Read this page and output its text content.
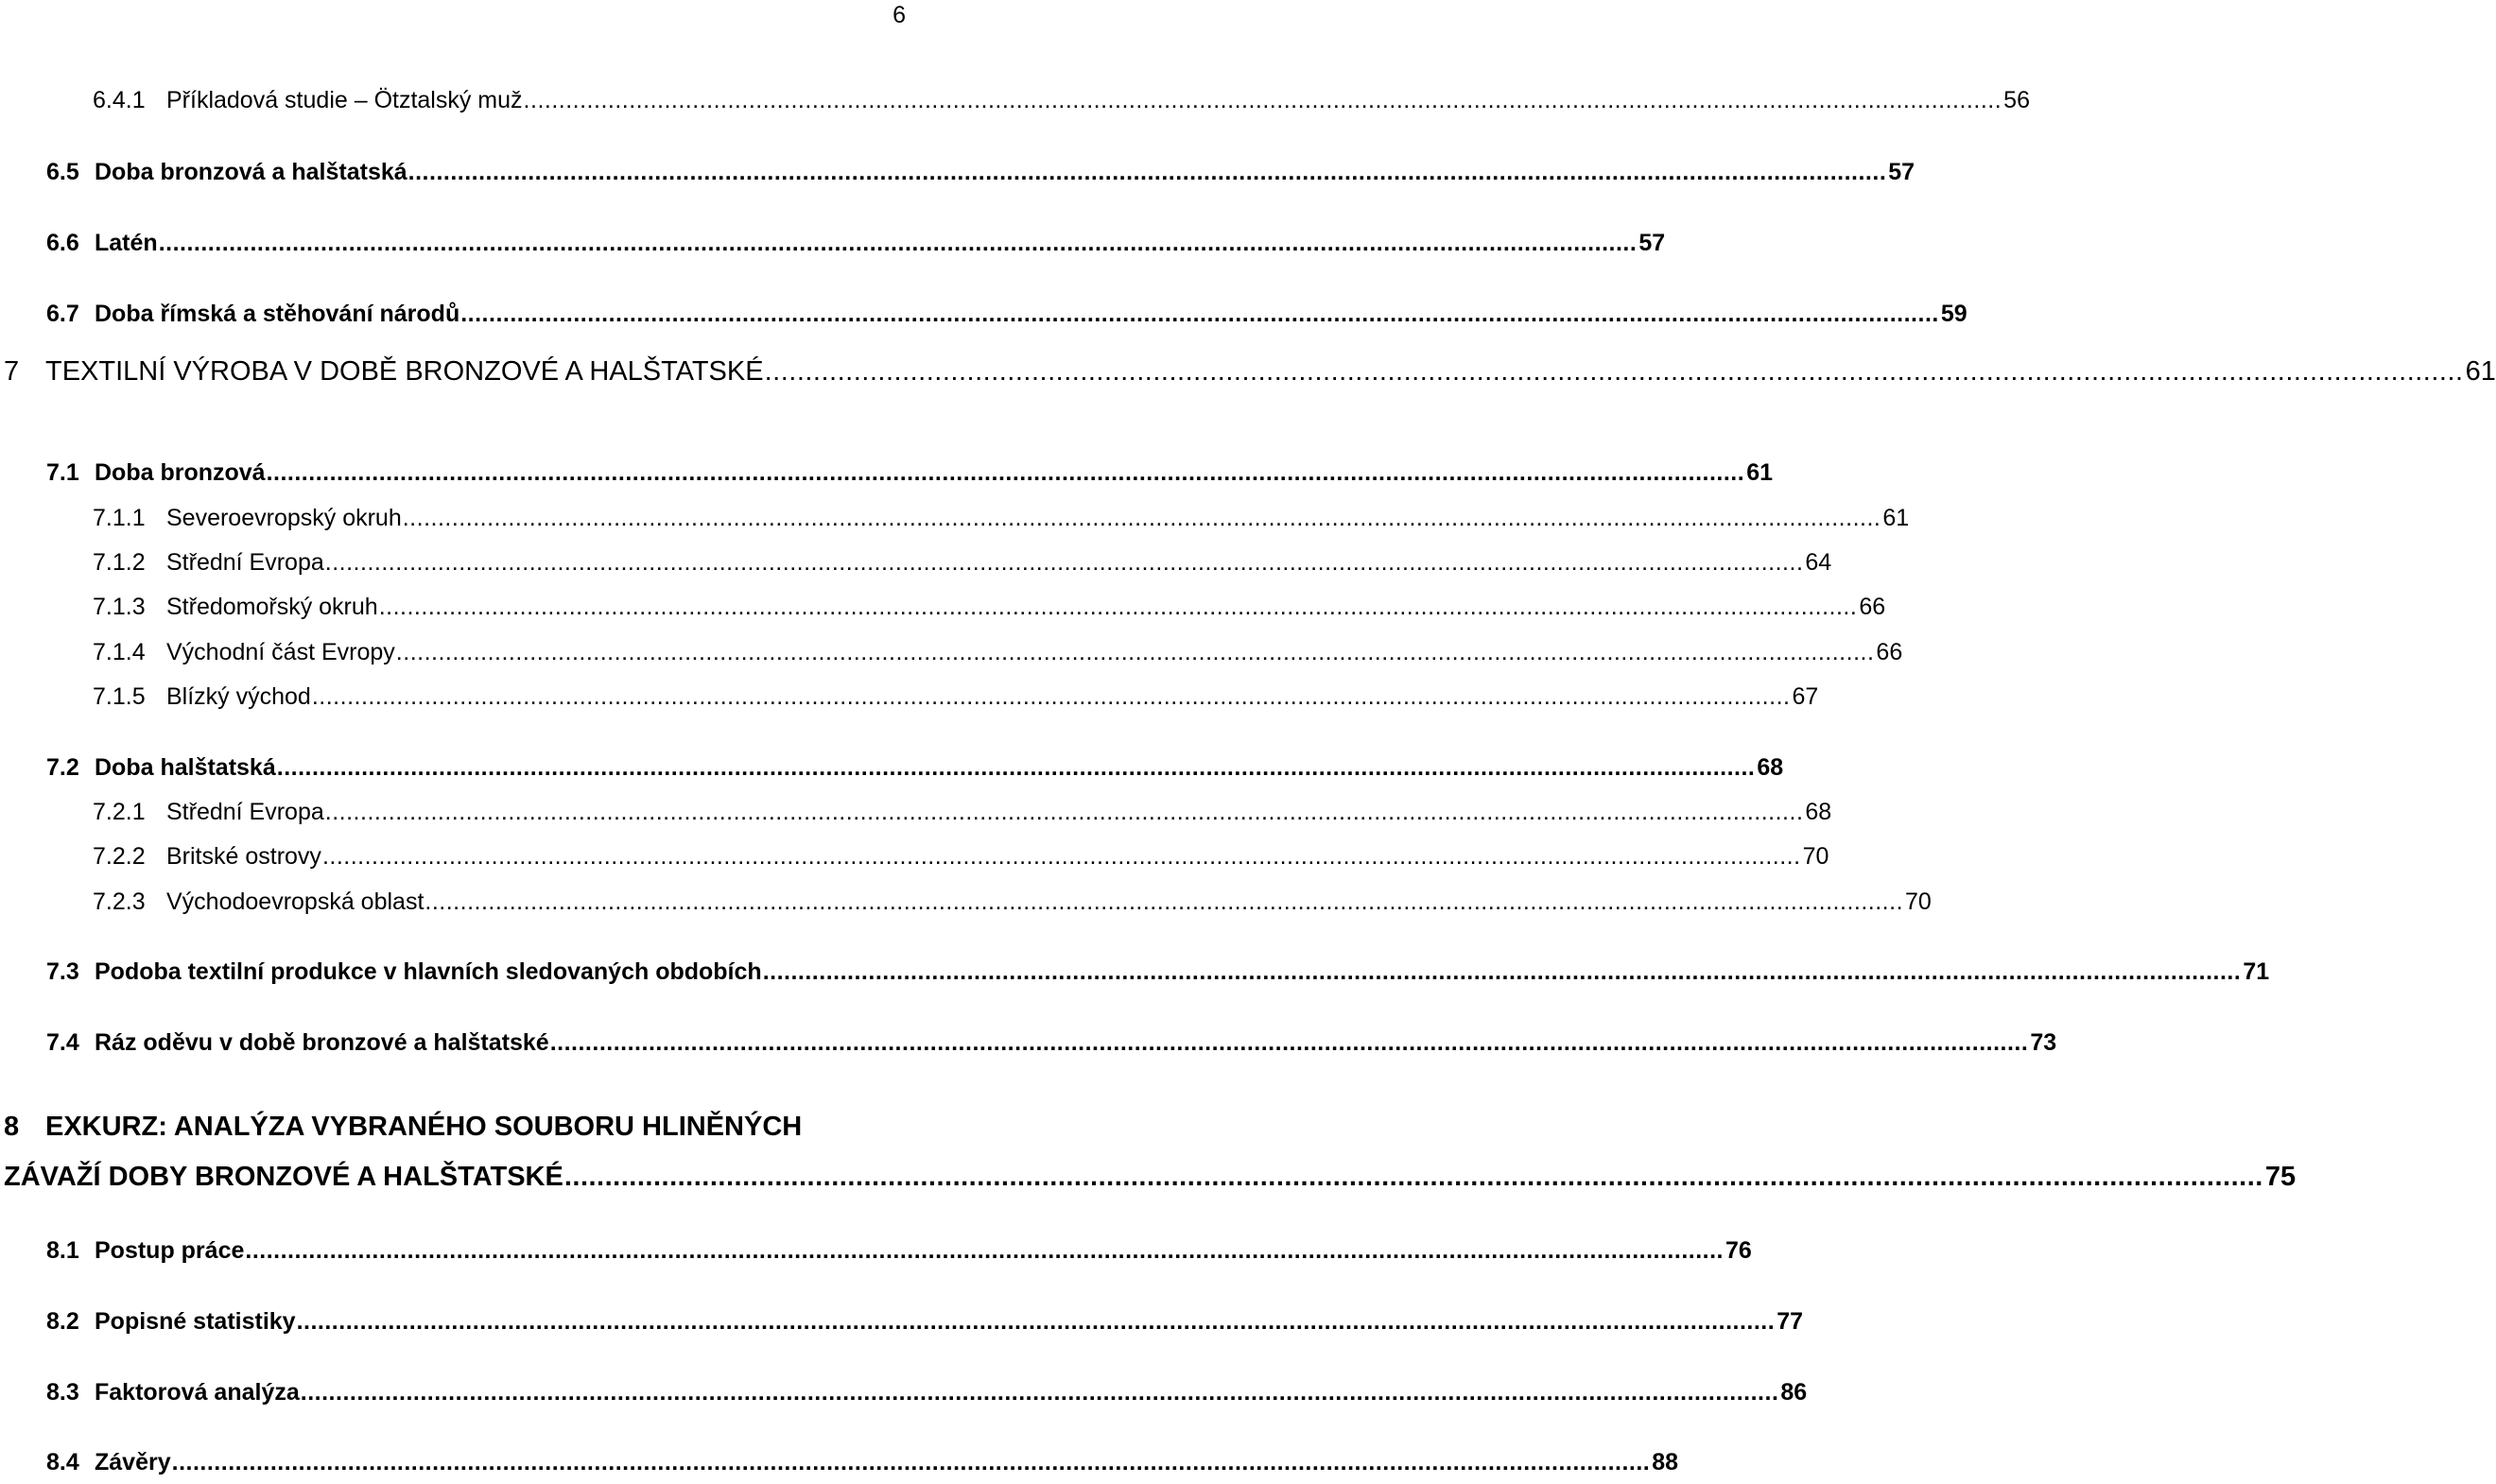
6
6.4.1 Příkladová studie – Ötztalský muž .................................................................................................................................................................................................................. 56
6.5 Doba bronzová a halštatská .................................................................................................................................................................................................................. 57
6.6 Latén .................................................................................................................................................................................................................. 57
6.7 Doba římská a stěhování národů .................................................................................................................................................................................................................. 59
7 TEXTILNÍ VÝROBA V DOBĚ BRONZOVÉ A HALŠTATSKÉ .................................................................................................................................................................................................................. 61
7.1 Doba bronzová .................................................................................................................................................................................................................. 61
7.1.1 Severoevropský okruh .................................................................................................................................................................................................................. 61
7.1.2 Střední Evropa .................................................................................................................................................................................................................. 64
7.1.3 Středomořský okruh .................................................................................................................................................................................................................. 66
7.1.4 Východní část Evropy .................................................................................................................................................................................................................. 66
7.1.5 Blízký východ .................................................................................................................................................................................................................. 67
7.2 Doba halštatská .................................................................................................................................................................................................................. 68
7.2.1 Střední Evropa .................................................................................................................................................................................................................. 68
7.2.2 Britské ostrovy .................................................................................................................................................................................................................. 70
7.2.3 Východoevropská oblast .................................................................................................................................................................................................................. 70
7.3 Podoba textilní produkce v hlavních sledovaných obdobích .................................................................................................................................................................................................................. 71
7.4 Ráz oděvu v době bronzové a halštatské .................................................................................................................................................................................................................. 73
8 EXKURZ: ANALÝZA VYBRANÉHO SOUBORU HLINĚNÝCH
ZÁVAŽÍ DOBY BRONZOVÉ A HALŠTATSKÉ .................................................................................................................................................................................................................. 75
8.1 Postup práce .................................................................................................................................................................................................................. 76
8.2 Popisné statistiky .................................................................................................................................................................................................................. 77
8.3 Faktorová analýza .................................................................................................................................................................................................................. 86
8.4 Závěry .................................................................................................................................................................................................................. 88
